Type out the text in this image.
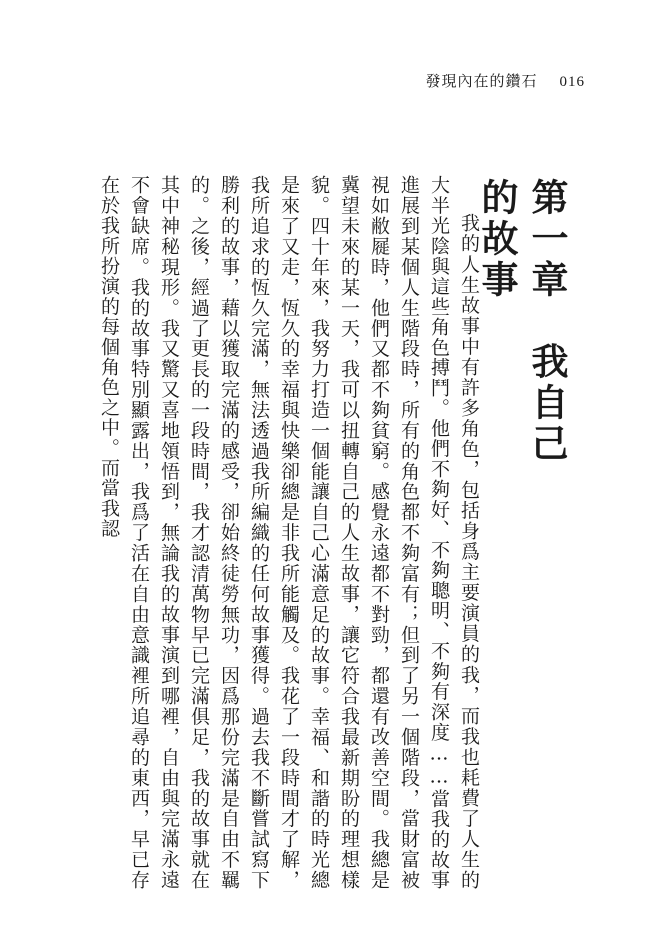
發現內在的鑽石 016
第一章　我自己的故事

我的人生故事中有許多角色，包括身爲主要演員的我，而我也耗費了人生的大半光陰與這些角色搏鬥。他們不夠好、不夠聰明、不夠有深度……當我的故事進展到某個人生階段時，所有的角色都不夠富有；但到了另一個階段，當財富被視如敝屣時，他們又都不夠貧窮。感覺永遠都不對勁，都還有改善空間。我總是冀望未來的某一天，我可以扭轉自己的人生故事，讓它符合我最新期盼的理想樣貌。四十年來，我努力打造一個能讓自己心滿意足的故事。幸福、和諧的時光總是來了又走，恆久的幸福與快樂卻總是非我所能觸及。我花了一段時間才了解，我所追求的恆久完滿，無法透過我所編織的任何故事獲得。過去我不斷嘗試寫下勝利的故事，藉以獲取完滿的感受，卻始終徒勞無功，因爲那份完滿是自由不羈的。之後，經過了更長的一段時間，我才認清萬物早已完滿俱足，我的故事就在其中神秘現形。我又驚又喜地領悟到，無論我的故事演到哪裡，自由與完滿永遠不會缺席。我的故事特別顯露出，我爲了活在自由意識裡所追尋的東西，早已存在於我所扮演的每個角色之中。而當我認
